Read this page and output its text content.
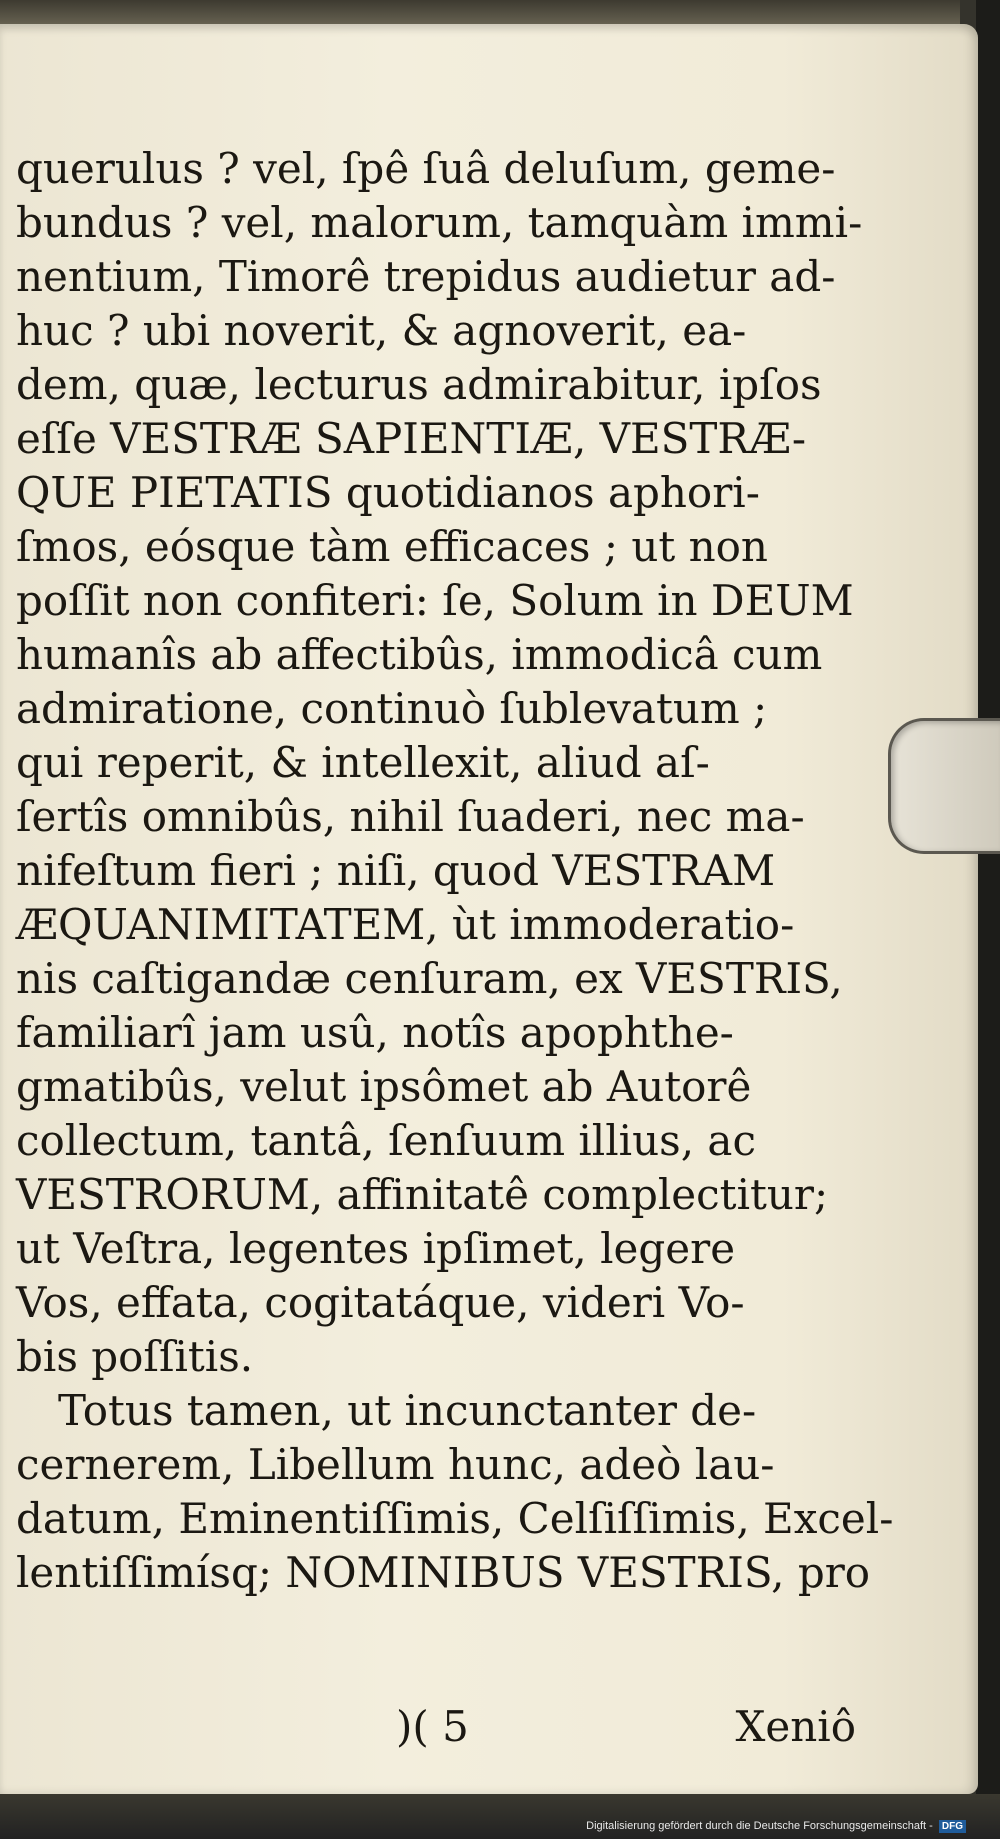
querulus ? vel, ſpê ſuâ deluſum, geme-
bundus ? vel, malorum, tamquàm immi-
nentium, Timorê trepidus audietur ad-
huc ? ubi noverit, & agnoverit, ea-
dem, quæ, lecturus admirabitur, ipſos
eſſe VESTRÆ SAPIENTIÆ, VESTRÆ-
QUE PIETATIS quotidianos aphori-
ſmos, eósque tàm efficaces ; ut non
poſſit non confiteri: ſe, Solum in DEUM
humanîs ab affectibûs, immodicâ cum
admiratione, continuò ſublevatum ;
qui reperit, & intellexit, aliud aſ-
ſertîs omnibûs, nihil ſuaderi, nec ma-
nifeſtum fieri ; niſi, quod VESTRAM
ÆQUANIMITATEM, ùt immoderatio-
nis caſtigandæ cenſuram, ex VESTRIS,
familiarî jam usû, notîs apophthe-
gmatibûs, velut ipsômet ab Autorê
collectum, tantâ, ſenſuum illius, ac
VESTRORUM, affinitatê complectitur;
ut Veſtra, legentes ipſimet, legere
Vos, effata, cogitatáque, videri Vo-
bis poſſitis.
Totus tamen, ut incunctanter de-
cernerem, Libellum hunc, adeò lau-
datum, Eminentiſſimis, Celſiſſimis, Excel-
lentiſſimísq; NOMINIBUS VESTRIS, pro
)( 5	Xeniô
Digitalisierung gefördert durch die Deutsche Forschungsgemeinschaft - DFG
